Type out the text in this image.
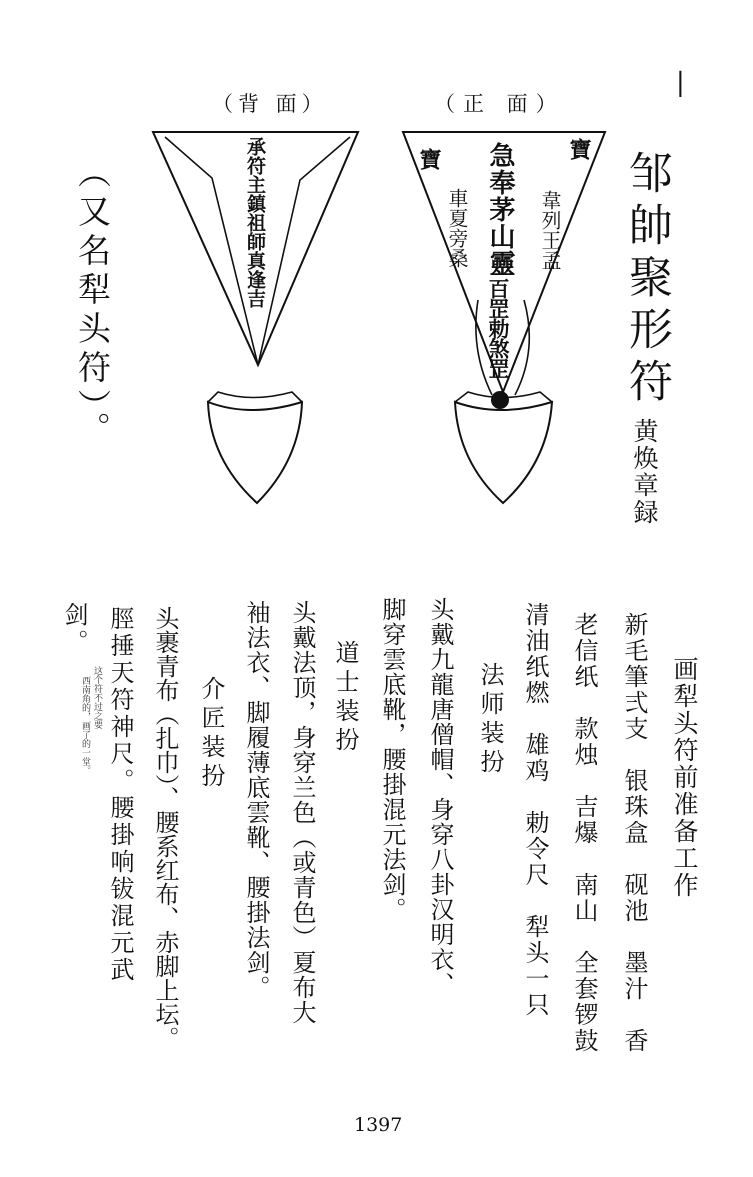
|
（背 面）	（正 面）
承符主鎮祖師真逢吉	寶
寶 急奉茅山靈
百罡勅煞罡
韋列王孟
車夏旁桑	邹帥聚形符
黄焕章録
（又名犁头符）。
画犁头符前准备工作
新毛筆弍支　银珠盒　砚池　墨汁　香
老信纸　款烛　吉爆　南山　全套锣鼓
清油纸燃　雄鸡　勅令尺　犁头一只
法师装扮
头戴九龍唐僧帽、身穿八卦汉明衣、
脚穿雲底靴，腰掛混元法剑。
道士装扮
头戴法顶，身穿兰色（或青色）夏布大
袖法衣、脚履薄底雲靴、腰掛法剑。
介匠装扮
头裹青布（扎巾）、腰系红布、赤脚上坛。
脛捶天符神尺。腰掛响钹混元武
剑。
这个符不过之要
西南角的，画了的一堂。
1397
